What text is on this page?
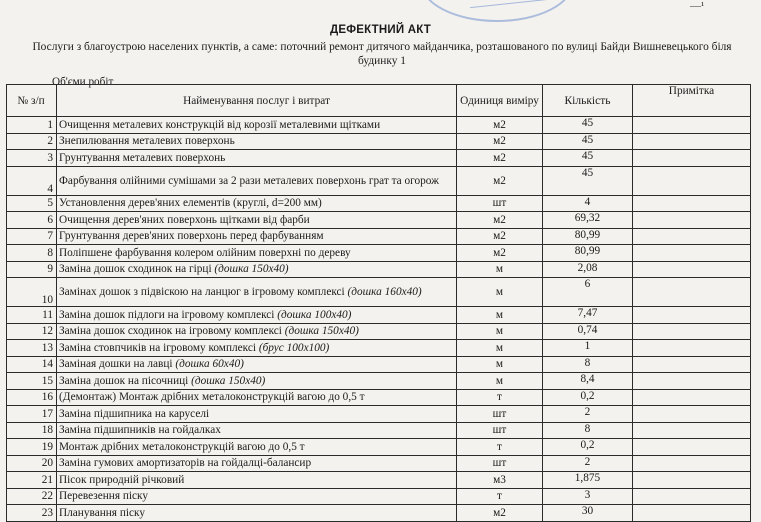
—¹
ДЕФЕКТНИЙ АКТ
Послуги з благоустрою населених пунктів, а саме: поточний ремонт дитячого майданчика, розташованого по вулиці Байди Вишневецького біля будинку 1
Об'єми робіт
№ з/п	Найменування послуг і витрат	Одиниця виміру	Кількість	Примітка
1	Очищення металевих конструкцій від корозії металевими щітками	м2	45	
2	Знепилювання металевих поверхонь	м2	45	
3	Грунтування металевих поверхонь	м2	45	
4	Фарбування олійними сумішами за 2 рази металевих поверхонь грат та огорож	м2	45	
5	Установлення дерев'яних елементів (круглі, d=200 мм)	шт	4	
6	Очищення дерев'яних поверхонь щітками від фарби	м2	69,32	
7	Грунтування дерев'яних поверхонь перед фарбуванням	м2	80,99	
8	Поліпшене фарбування колером олійним поверхні по дереву	м2	80,99	
9	Заміна дошок сходинок на гірці (дошка 150х40)	м	2,08	
10	Замінах дошок з підвіскою на ланцюг в ігровому комплексі (дошка 160х40)	м	6	
11	Заміна дошок підлоги на ігровому комплексі (дошка 100х40)	м	7,47	
12	Заміна дошок сходинок на ігровому комплексі (дошка 150х40)	м	0,74	
13	Заміна стовпчиків на ігровому комплексі (брус 100х100)	м	1	
14	Заміная дошки на лавці (дошка 60х40)	м	8	
15	Заміна дошок на пісочниці (дошка 150х40)	м	8,4	
16	(Демонтаж) Монтаж дрібних металоконструкцій вагою до 0,5 т	т	0,2	
17	Заміна підшипника на каруселі	шт	2	
18	Заміна підшипників на гойдалках	шт	8	
19	Монтаж дрібних металоконструкцій вагою до 0,5 т	т	0,2	
20	Заміна гумових амортизаторів на гойдалці-балансир	шт	2	
21	Пісок природній річковий	м3	1,875	
22	Перевезення піску	т	3	
23	Планування піску	м2	30	
